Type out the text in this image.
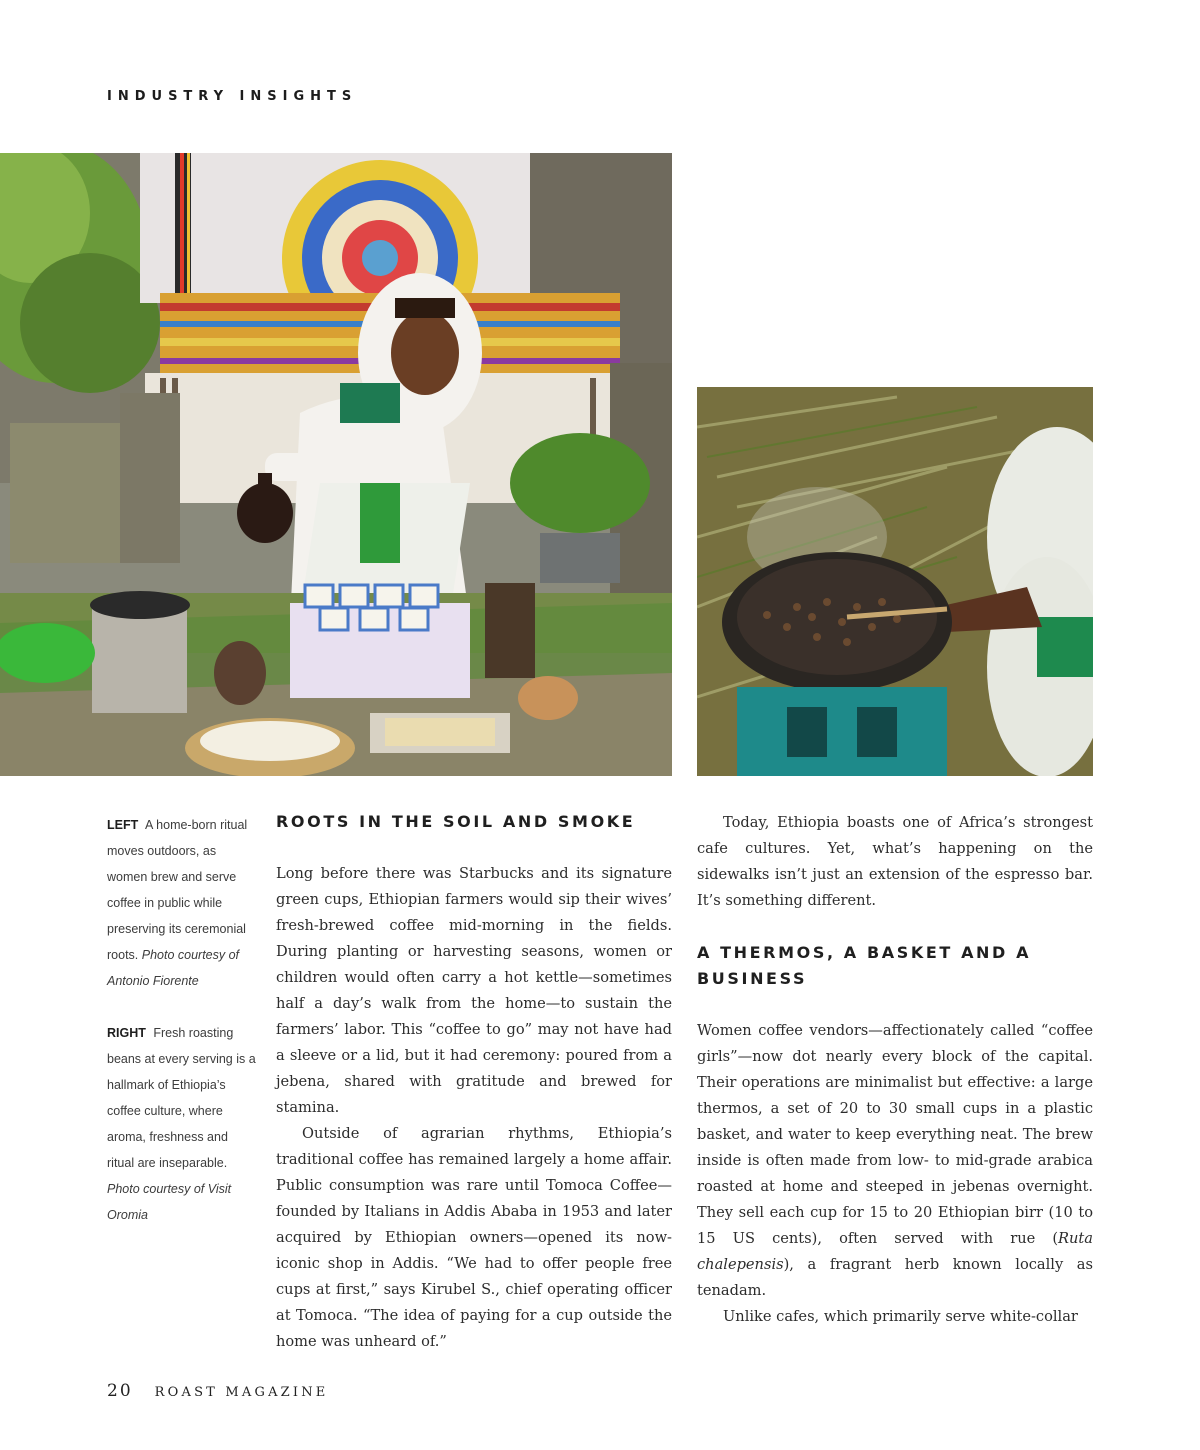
INDUSTRY INSIGHTS

LEFT A home-born ritual moves outdoors, as women brew and serve coffee in public while preserving its ceremonial roots. Photo courtesy of Antonio Fiorente

RIGHT Fresh roasting beans at every serving is a hallmark of Ethiopia’s coffee culture, where aroma, freshness and ritual are inseparable. Photo courtesy of Visit Oromia

ROOTS IN THE SOIL AND SMOKE

Long before there was Starbucks and its signature green cups, Ethiopian farmers would sip their wives’ fresh-brewed coffee mid-morning in the fields. During planting or harvesting seasons, women or children would often carry a hot kettle—sometimes half a day’s walk from the home—to sustain the farmers’ labor. This “coffee to go” may not have had a sleeve or a lid, but it had ceremony: poured from a jebena, shared with gratitude and brewed for stamina.

Outside of agrarian rhythms, Ethiopia’s traditional coffee has remained largely a home affair. Public consumption was rare until Tomoca Coffee—founded by Italians in Addis Ababa in 1953 and later acquired by Ethiopian owners—opened its now-iconic shop in Addis. “We had to offer people free cups at first,” says Kirubel S., chief operating officer at Tomoca. “The idea of paying for a cup outside the home was unheard of.”

Today, Ethiopia boasts one of Africa’s strongest cafe cultures. Yet, what’s happening on the sidewalks isn’t just an extension of the espresso bar. It’s something different.

A THERMOS, A BASKET AND A BUSINESS

Women coffee vendors—affectionately called “coffee girls”—now dot nearly every block of the capital. Their operations are minimalist but effective: a large thermos, a set of 20 to 30 small cups in a plastic basket, and water to keep everything neat. The brew inside is often made from low- to mid-grade arabica roasted at home and steeped in jebenas overnight. They sell each cup for 15 to 20 Ethiopian birr (10 to 15 US cents), often served with rue (Ruta chalepensis), a fragrant herb known locally as tenadam.

Unlike cafes, which primarily serve white-collar

20 ROAST MAGAZINE
